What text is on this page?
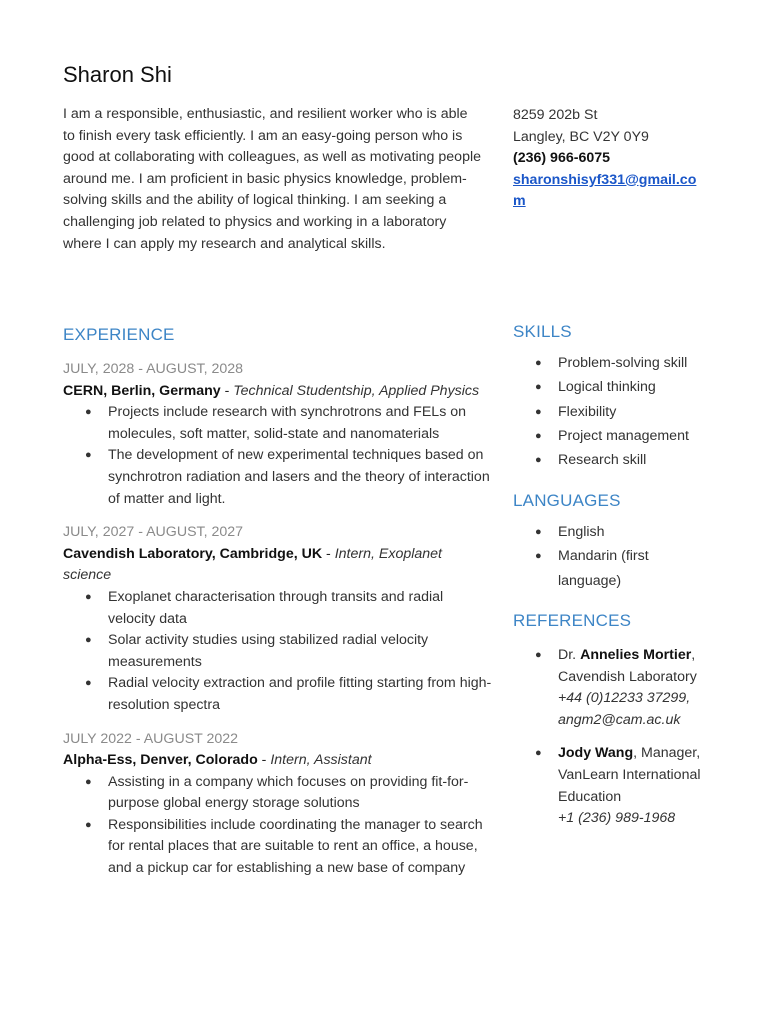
Sharon Shi

I am a responsible, enthusiastic, and resilient worker who is able to finish every task efficiently. I am an easy-going person who is good at collaborating with colleagues, as well as motivating people around me. I am proficient in basic physics knowledge, problem-solving skills and the ability of logical thinking. I am seeking a challenging job related to physics and working in a laboratory where I can apply my research and analytical skills.

8259 202b St
Langley, BC V2Y 0Y9
(236) 966-6075
sharonshisyf331@gmail.com
EXPERIENCE
JULY, 2028 - AUGUST, 2028
CERN, Berlin, Germany - Technical Studentship, Applied Physics
● Projects include research with synchrotrons and FELs on molecules, soft matter, solid-state and nanomaterials
● The development of new experimental techniques based on synchrotron radiation and lasers and the theory of interaction of matter and light.
JULY, 2027 - AUGUST, 2027
Cavendish Laboratory, Cambridge, UK - Intern, Exoplanet science
● Exoplanet characterisation through transits and radial velocity data
● Solar activity studies using stabilized radial velocity measurements
● Radial velocity extraction and profile fitting starting from high-resolution spectra
JULY 2022 - AUGUST 2022
Alpha-Ess, Denver, Colorado - Intern, Assistant
● Assisting in a company which focuses on providing fit-for-purpose global energy storage solutions
● Responsibilities include coordinating the manager to search for rental places that are suitable to rent an office, a house, and a pickup car for establishing a new base of company
SKILLS
● Problem-solving skill
● Logical thinking
● Flexibility
● Project management
● Research skill
LANGUAGES
● English
● Mandarin (first language)
REFERENCES
● Dr. Annelies Mortier, Cavendish Laboratory
+44 (0)12233 37299, angm2@cam.ac.uk
● Jody Wang, Manager, VanLearn International Education
+1 (236) 989-1968
